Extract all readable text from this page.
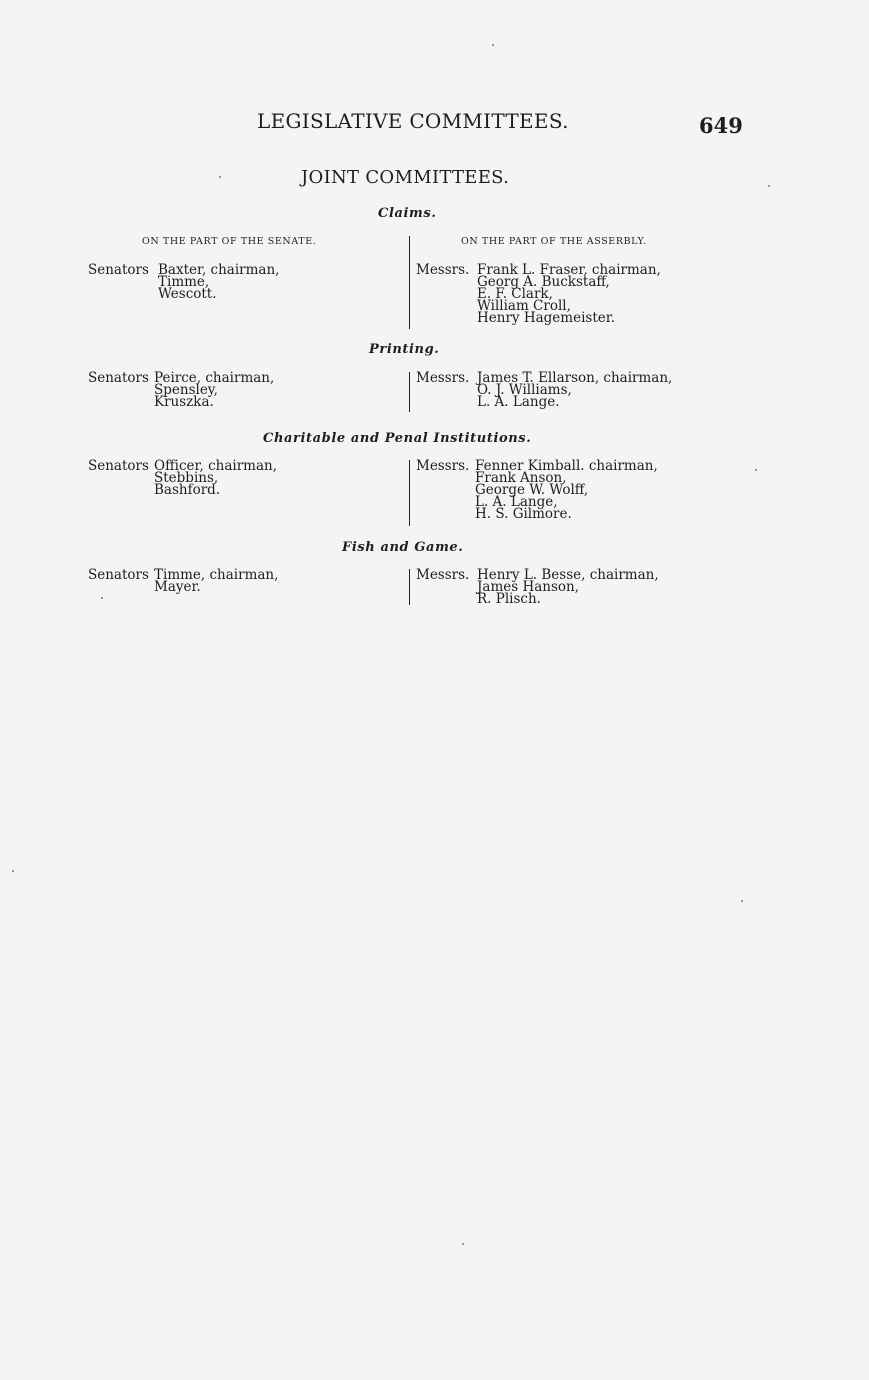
LEGISLATIVE COMMITTEES.	649
JOINT COMMITTEES.
Claims.
ON THE PART OF THE SENATE.	ON THE PART OF THE ASSERBLY.
Senators Baxter, chairman,
Timme,
Wescott.
Messrs. Frank L. Fraser, chairman,
Georg A. Buckstaff,
E. F. Clark,
William Croll,
Henry Hagemeister.
Printing.
Senators Peirce, chairman,
Spensley,
Kruszka.
Messrs. James T. Ellarson, chairman,
O. J. Williams,
L. A. Lange.
Charitable and Penal Institutions.
Senators Officer, chairman,
Stebbins,
Bashford.
Messrs. Fenner Kimball. chairman,
Frank Anson,
George W. Wolff,
L. A. Lange,
H. S. Gilmore.
Fish and Game.
Senators Timme, chairman,
Mayer.
Messrs. Henry L. Besse, chairman,
James Hanson,
R. Plisch.
